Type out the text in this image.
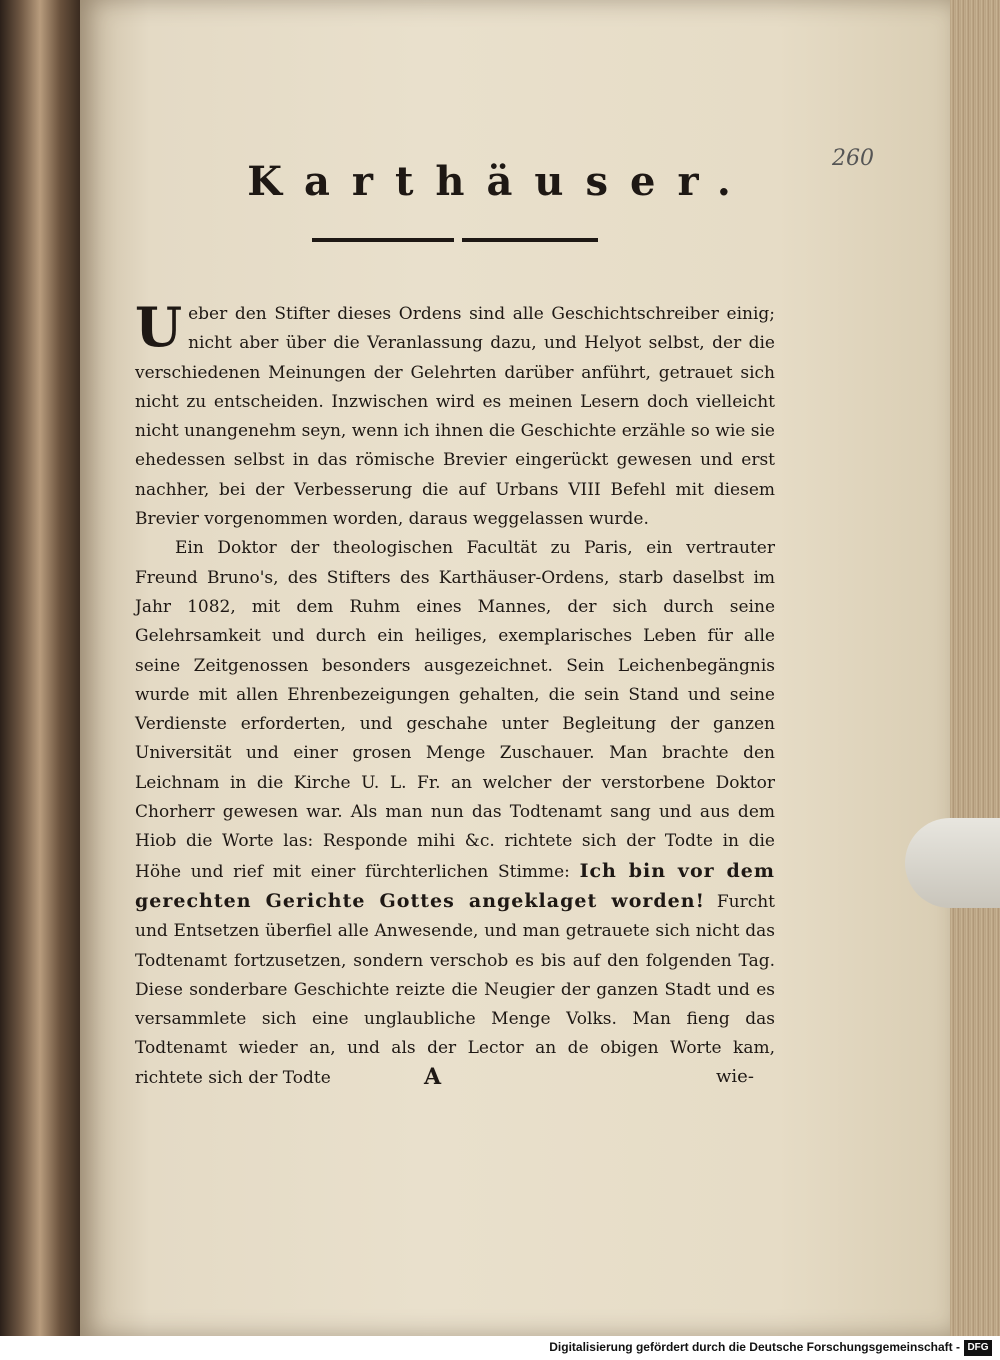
260
Karthäuser.

Ueber den Stifter dieses Ordens sind alle Geschichtschreiber einig; nicht aber über die Veranlassung dazu, und Helyot selbst, der die verschiedenen Meinungen der Gelehrten darüber anführt, getrauet sich nicht zu entscheiden. Inzwischen wird es meinen Lesern doch vielleicht nicht unangenehm seyn, wenn ich ihnen die Geschichte erzähle so wie sie ehedessen selbst in das römische Brevier eingerückt gewesen und erst nachher, bei der Verbesserung die auf Urbans VIII Befehl mit diesem Brevier vorgenommen worden, daraus weggelassen wurde.

Ein Doktor der theologischen Facultät zu Paris, ein vertrauter Freund Bruno's, des Stifters des Karthäuser-Ordens, starb daselbst im Jahr 1082, mit dem Ruhm eines Mannes, der sich durch seine Gelehrsamkeit und durch ein heiliges, exemplarisches Leben für alle seine Zeitgenossen besonders ausgezeichnet. Sein Leichenbegängnis wurde mit allen Ehrenbezeigungen gehalten, die sein Stand und seine Verdienste erforderten, und geschahe unter Begleitung der ganzen Universität und einer grosen Menge Zuschauer. Man brachte den Leichnam in die Kirche U. L. Fr. an welcher der verstorbene Doktor Chorherr gewesen war. Als man nun das Todtenamt sang und aus dem Hiob die Worte las: Responde mihi &c. richtete sich der Todte in die Höhe und rief mit einer fürchterlichen Stimme: Ich bin vor dem gerechten Gerichte Gottes angeklaget worden! Furcht und Entsetzen überfiel alle Anwesende, und man getrauete sich nicht das Todtenamt fortzusetzen, sondern verschob es bis auf den folgenden Tag. Diese sonderbare Geschichte reizte die Neugier der ganzen Stadt und es versammlete sich eine unglaubliche Menge Volks. Man fieng das Todtenamt wieder an, und als der Lector an de obigen Worte kam, richtete sich der Todte	A	wie-
Digitalisierung gefördert durch die Deutsche Forschungsgemeinschaft - DFG
